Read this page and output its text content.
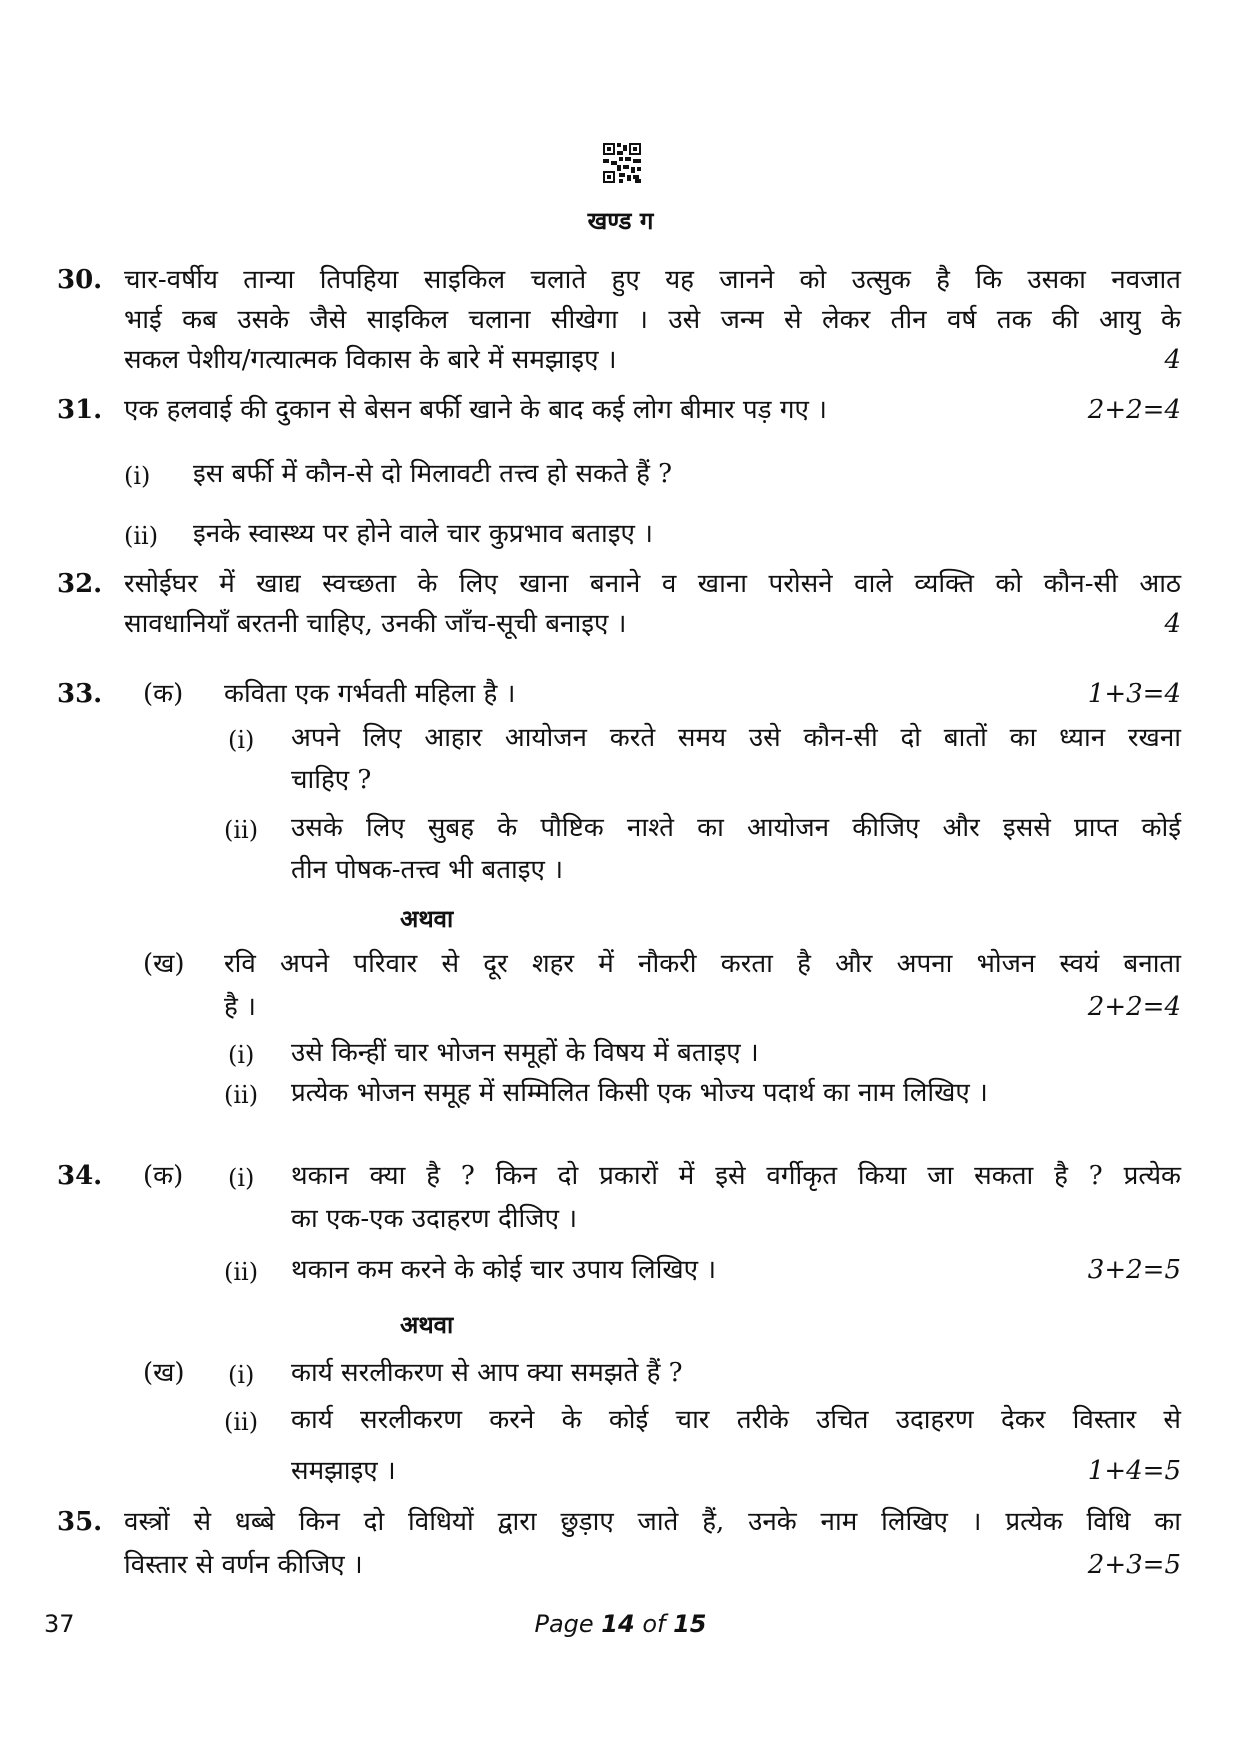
खण्ड ग
30. चार-वर्षीय तान्या तिपहिया साइकिल चलाते हुए यह जानने को उत्सुक है कि उसका नवजात
भाई कब उसके जैसे साइकिल चलाना सीखेगा । उसे जन्म से लेकर तीन वर्ष तक की आयु के
सकल पेशीय/गत्यात्मक विकास के बारे में समझाइए ।	4
31. एक हलवाई की दुकान से बेसन बर्फी खाने के बाद कई लोग बीमार पड़ गए ।	2+2=4
(i) इस बर्फी में कौन-से दो मिलावटी तत्त्व हो सकते हैं ?
(ii) इनके स्वास्थ्य पर होने वाले चार कुप्रभाव बताइए ।
32. रसोईघर में खाद्य स्वच्छता के लिए खाना बनाने व खाना परोसने वाले व्यक्ति को कौन-सी आठ
सावधानियाँ बरतनी चाहिए, उनकी जाँच-सूची बनाइए ।	4
33. (क) कविता एक गर्भवती महिला है ।	1+3=4
(i) अपने लिए आहार आयोजन करते समय उसे कौन-सी दो बातों का ध्यान रखना
चाहिए ?
(ii) उसके लिए सुबह के पौष्टिक नाश्ते का आयोजन कीजिए और इससे प्राप्त कोई
तीन पोषक-तत्त्व भी बताइए ।
अथवा
(ख) रवि अपने परिवार से दूर शहर में नौकरी करता है और अपना भोजन स्वयं बनाता
है ।	2+2=4
(i) उसे किन्हीं चार भोजन समूहों के विषय में बताइए ।
(ii) प्रत्येक भोजन समूह में सम्मिलित किसी एक भोज्य पदार्थ का नाम लिखिए ।
34. (क) (i) थकान क्या है ? किन दो प्रकारों में इसे वर्गीकृत किया जा सकता है ? प्रत्येक
का एक-एक उदाहरण दीजिए ।
(ii) थकान कम करने के कोई चार उपाय लिखिए ।	3+2=5
अथवा
(ख) (i) कार्य सरलीकरण से आप क्या समझते हैं ?
(ii) कार्य सरलीकरण करने के कोई चार तरीके उचित उदाहरण देकर विस्तार से
समझाइए ।	1+4=5
35. वस्त्रों से धब्बे किन दो विधियों द्वारा छुड़ाए जाते हैं, उनके नाम लिखिए । प्रत्येक विधि का
विस्तार से वर्णन कीजिए ।	2+3=5
37	Page 14 of 15
